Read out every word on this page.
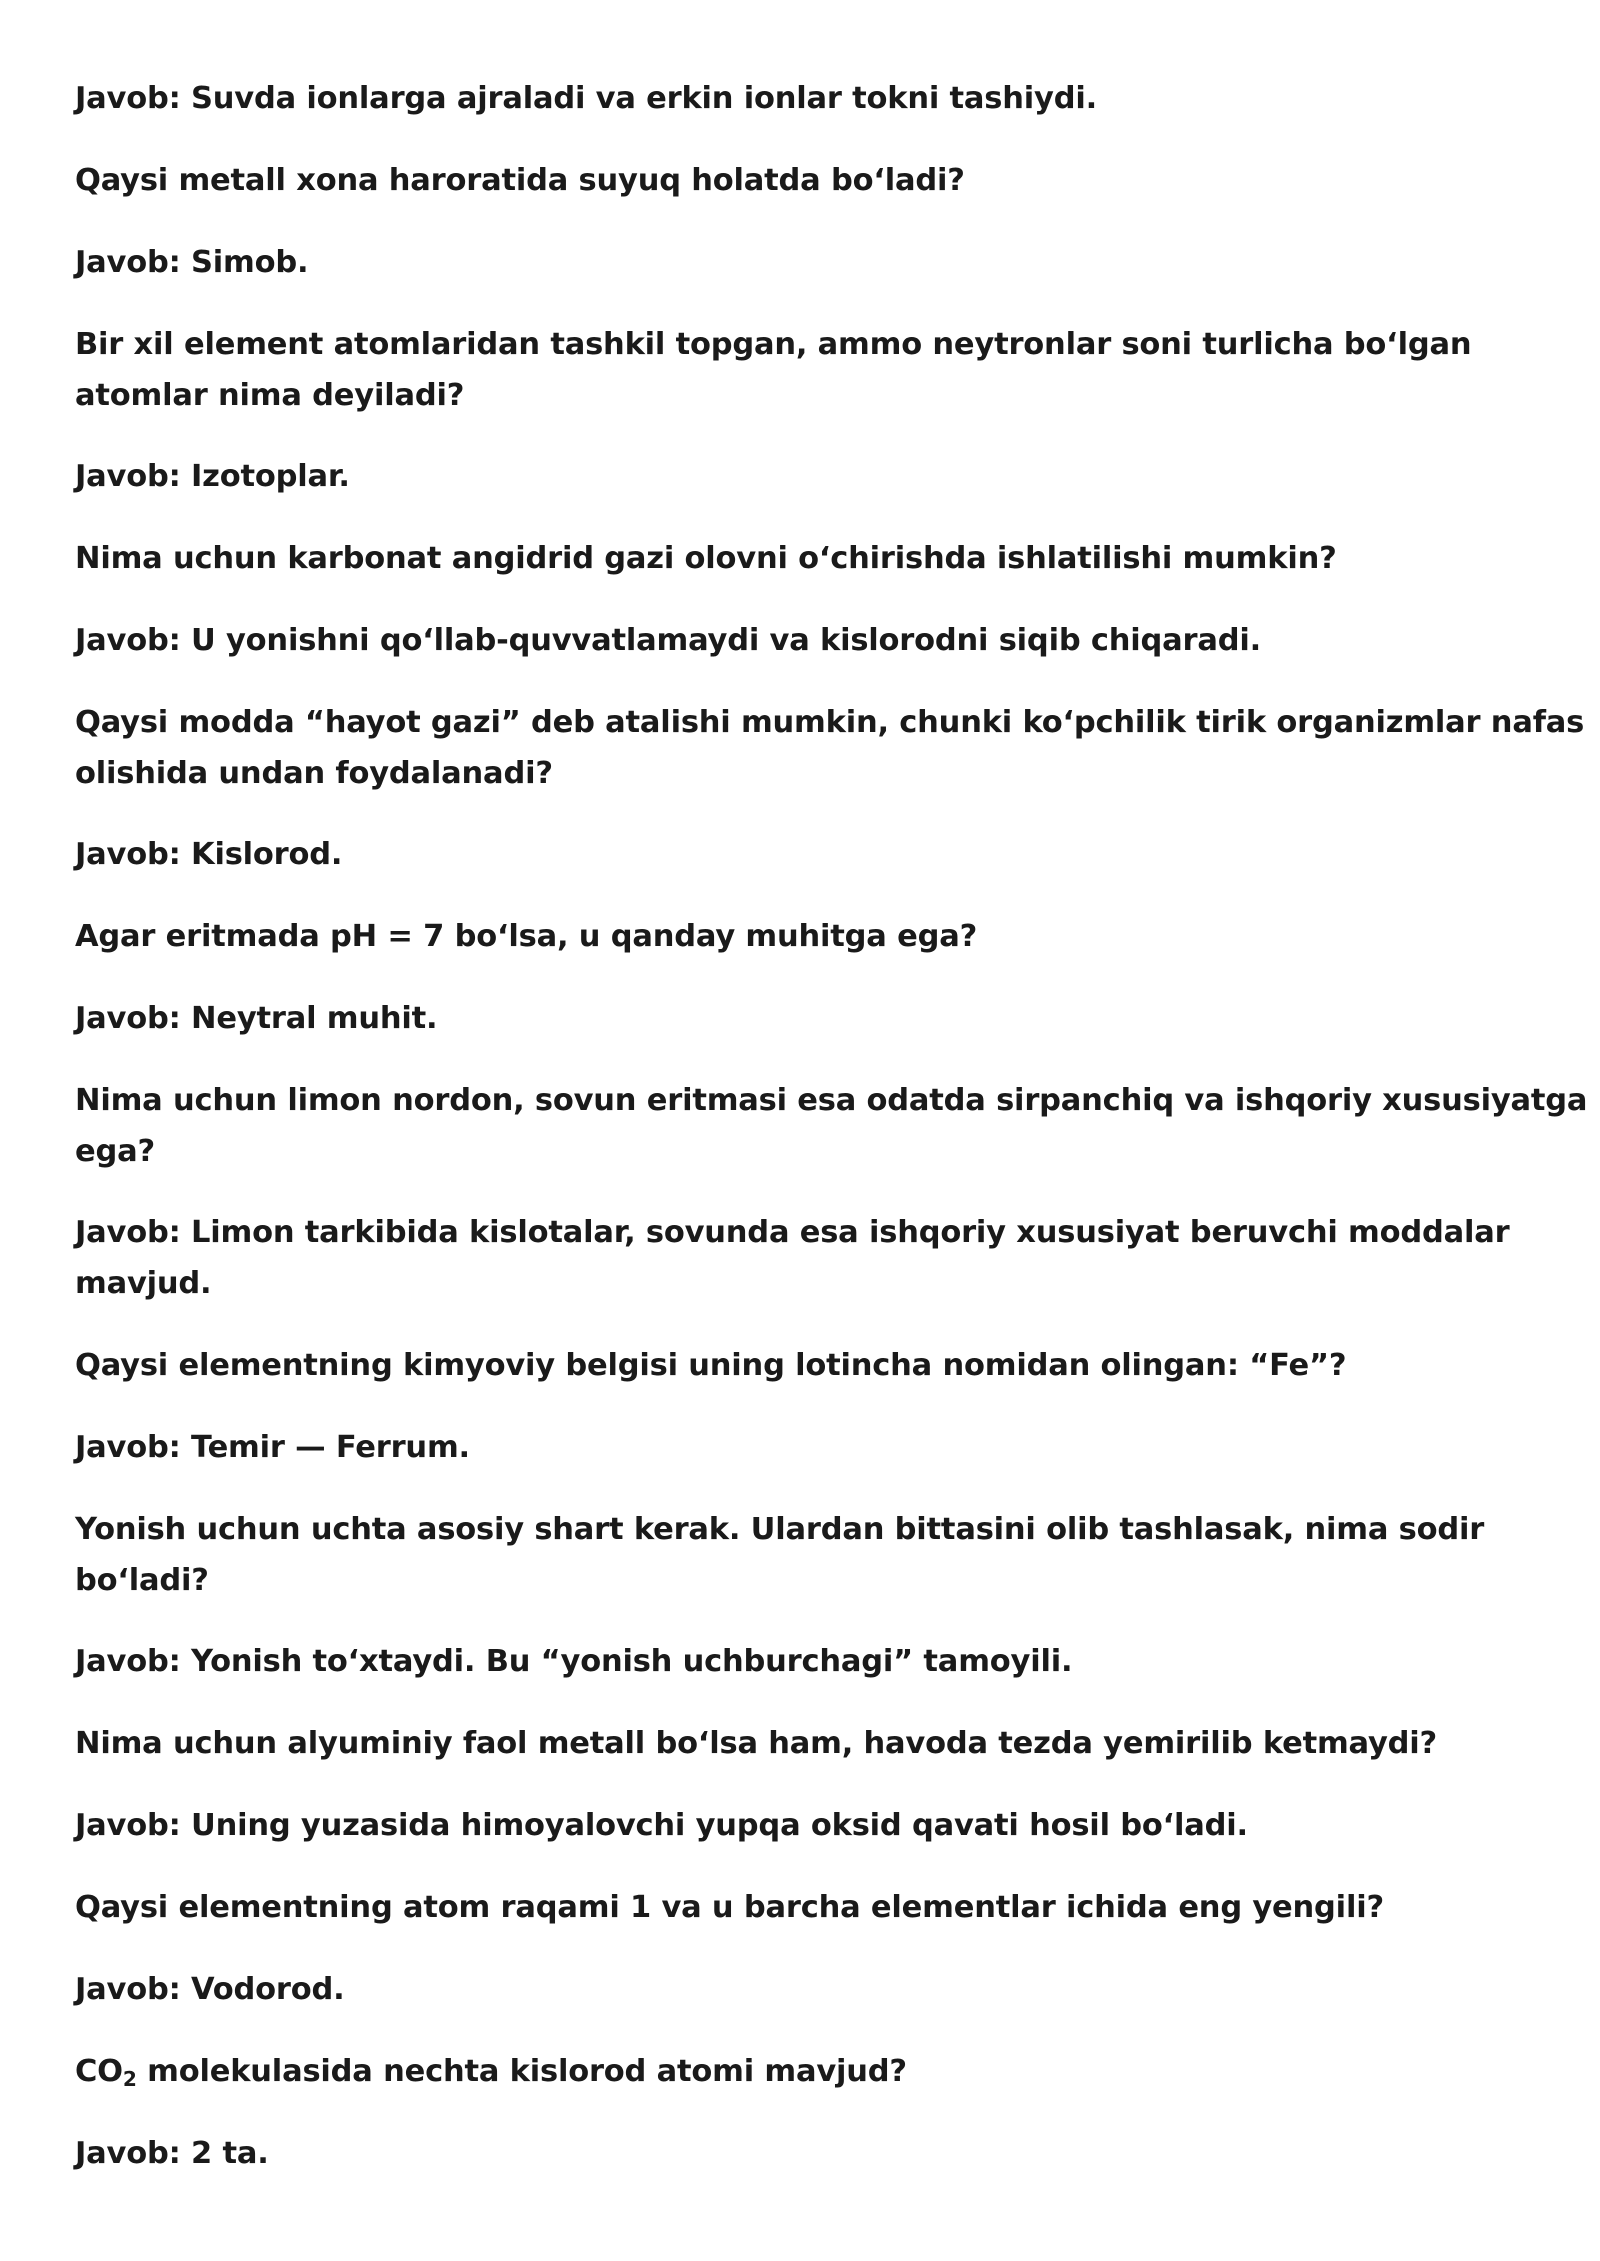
Javob: Suvda ionlarga ajraladi va erkin ionlar tokni tashiydi.

Qaysi metall xona haroratida suyuq holatda boʻladi?

Javob: Simob.

Bir xil element atomlaridan tashkil topgan, ammo neytronlar soni turlicha boʻlgan

atomlar nima deyiladi?

Javob: Izotoplar.

Nima uchun karbonat angidrid gazi olovni oʻchirishda ishlatilishi mumkin?

Javob: U yonishni qoʻllab-quvvatlamaydi va kislorodni siqib chiqaradi.

Qaysi modda “hayot gazi” deb atalishi mumkin, chunki koʻpchilik tirik organizmlar nafas

olishida undan foydalanadi?

Javob: Kislorod.

Agar eritmada pH = 7 boʻlsa, u qanday muhitga ega?

Javob: Neytral muhit.

Nima uchun limon nordon, sovun eritmasi esa odatda sirpanchiq va ishqoriy xususiyatga

ega?

Javob: Limon tarkibida kislotalar, sovunda esa ishqoriy xususiyat beruvchi moddalar

mavjud.

Qaysi elementning kimyoviy belgisi uning lotincha nomidan olingan: “Fe”?

Javob: Temir — Ferrum.

Yonish uchun uchta asosiy shart kerak. Ulardan bittasini olib tashlasak, nima sodir

boʻladi?

Javob: Yonish toʻxtaydi. Bu “yonish uchburchagi” tamoyili.

Nima uchun alyuminiy faol metall boʻlsa ham, havoda tezda yemirilib ketmaydi?

Javob: Uning yuzasida himoyalovchi yupqa oksid qavati hosil boʻladi.

Qaysi elementning atom raqami 1 va u barcha elementlar ichida eng yengili?

Javob: Vodorod.

$CO_2$ molekulasida nechta kislorod atomi mavjud?

Javob: 2 ta.
